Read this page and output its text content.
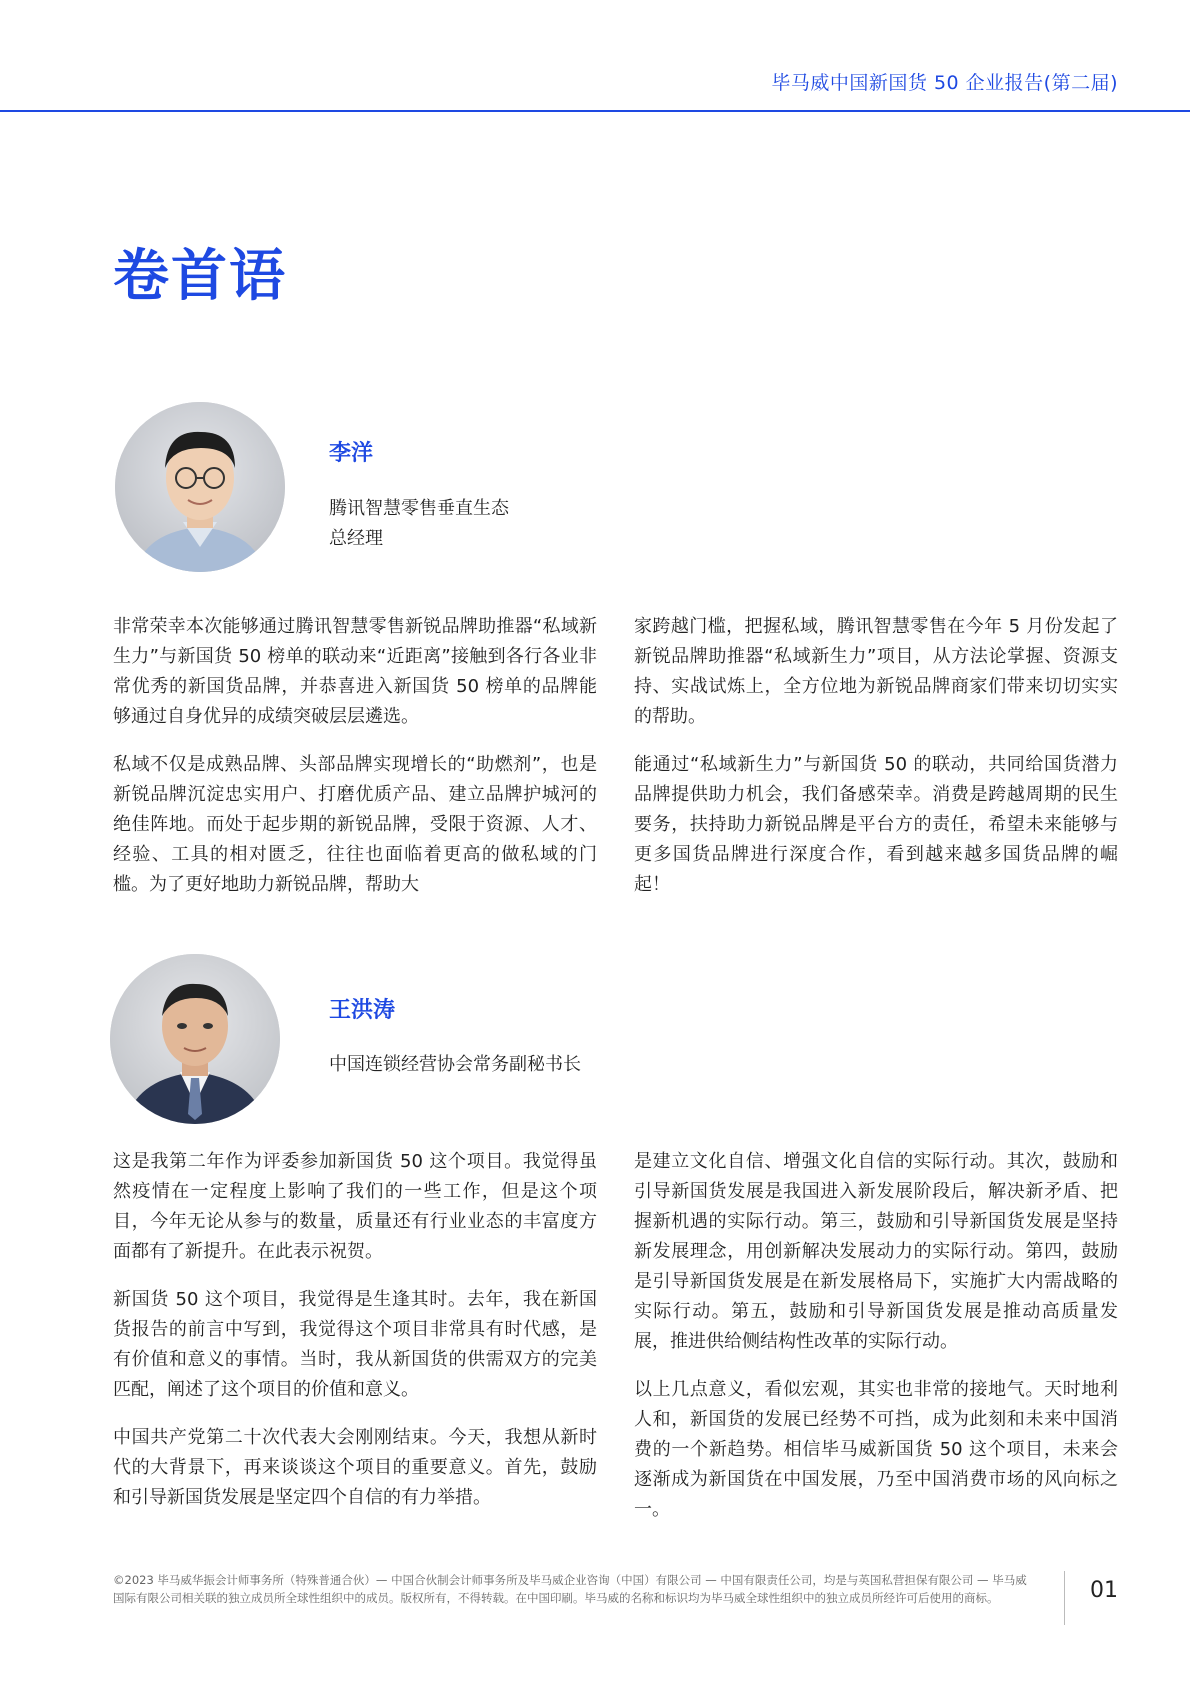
毕马威中国新国货 50 企业报告(第二届)
卷首语
李洋
腾讯智慧零售垂直生态
总经理

非常荣幸本次能够通过腾讯智慧零售新锐品牌助推器“私域新生力”与新国货 50 榜单的联动来“近距离”接触到各行各业非常优秀的新国货品牌，并恭喜进入新国货 50 榜单的品牌能够通过自身优异的成绩突破层层遴选。

私域不仅是成熟品牌、头部品牌实现增长的“助燃剂”，也是新锐品牌沉淀忠实用户、打磨优质产品、建立品牌护城河的绝佳阵地。而处于起步期的新锐品牌，受限于资源、人才、经验、工具的相对匮乏，往往也面临着更高的做私域的门槛。为了更好地助力新锐品牌，帮助大

家跨越门槛，把握私域，腾讯智慧零售在今年 5 月份发起了新锐品牌助推器“私域新生力”项目，从方法论掌握、资源支持、实战试炼上，全方位地为新锐品牌商家们带来切切实实的帮助。

能通过“私域新生力”与新国货 50 的联动，共同给国货潜力品牌提供助力机会，我们备感荣幸。消费是跨越周期的民生要务，扶持助力新锐品牌是平台方的责任，希望未来能够与更多国货品牌进行深度合作，看到越来越多国货品牌的崛起！

王洪涛
中国连锁经营协会常务副秘书长

这是我第二年作为评委参加新国货 50 这个项目。我觉得虽然疫情在一定程度上影响了我们的一些工作，但是这个项目，今年无论从参与的数量，质量还有行业业态的丰富度方面都有了新提升。在此表示祝贺。

新国货 50 这个项目，我觉得是生逢其时。去年，我在新国货报告的前言中写到，我觉得这个项目非常具有时代感，是有价值和意义的事情。当时，我从新国货的供需双方的完美匹配，阐述了这个项目的价值和意义。

中国共产党第二十次代表大会刚刚结束。今天，我想从新时代的大背景下，再来谈谈这个项目的重要意义。首先，鼓励和引导新国货发展是坚定四个自信的有力举措。

是建立文化自信、增强文化自信的实际行动。其次，鼓励和引导新国货发展是我国进入新发展阶段后，解决新矛盾、把握新机遇的实际行动。第三，鼓励和引导新国货发展是坚持新发展理念，用创新解决发展动力的实际行动。第四，鼓励是引导新国货发展是在新发展格局下，实施扩大内需战略的实际行动。第五，鼓励和引导新国货发展是推动高质量发展，推进供给侧结构性改革的实际行动。

以上几点意义，看似宏观，其实也非常的接地气。天时地利人和，新国货的发展已经势不可挡，成为此刻和未来中国消费的一个新趋势。相信毕马威新国货 50 这个项目，未来会逐渐成为新国货在中国发展，乃至中国消费市场的风向标之一。

©2023 毕马威华振会计师事务所（特殊普通合伙）— 中国合伙制会计师事务所及毕马威企业咨询（中国）有限公司 — 中国有限责任公司，均是与英国私营担保有限公司 — 毕马威国际有限公司相关联的独立成员所全球性组织中的成员。版权所有，不得转载。在中国印刷。毕马威的名称和标识均为毕马威全球性组织中的独立成员所经许可后使用的商标。	01
